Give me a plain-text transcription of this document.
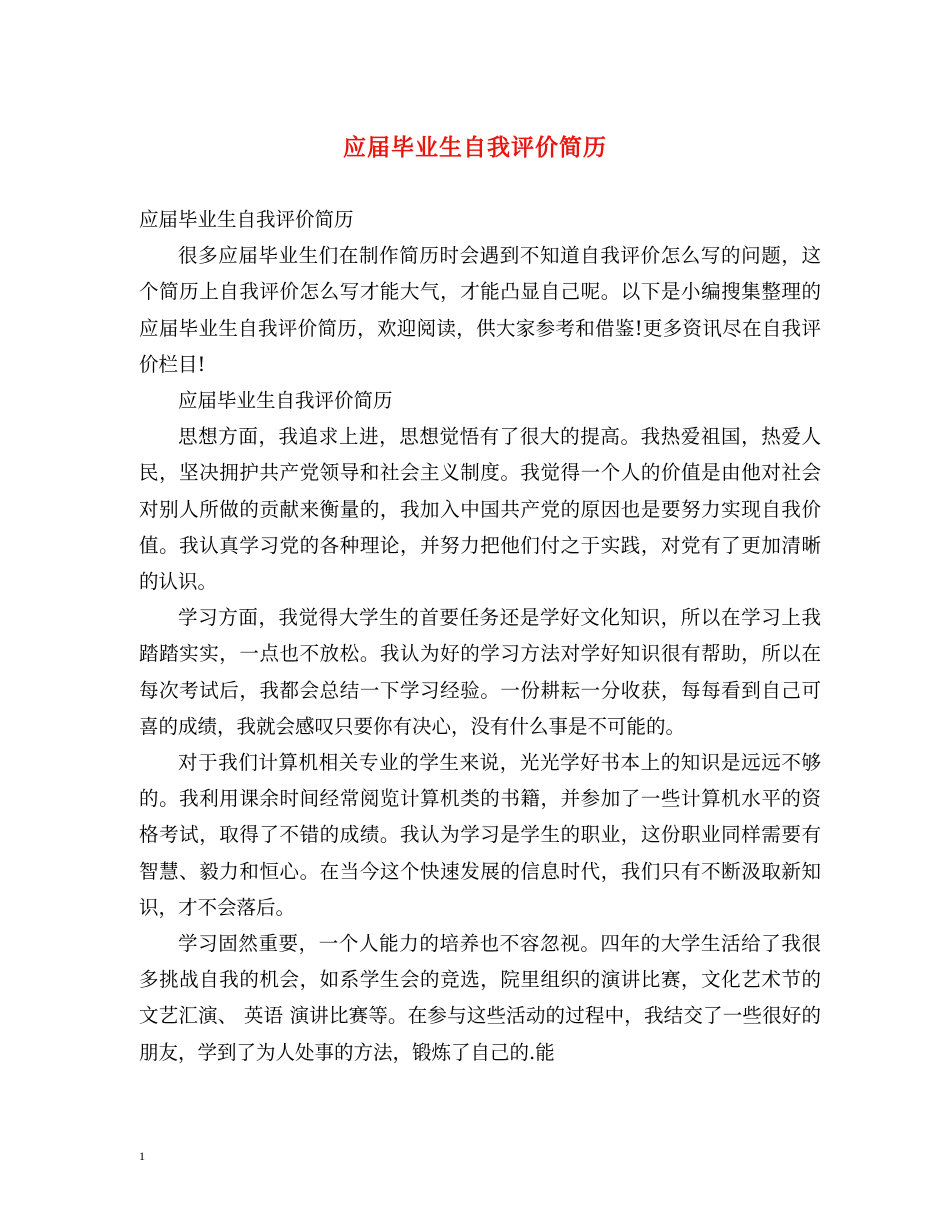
应届毕业生自我评价简历

应届毕业生自我评价简历

很多应届毕业生们在制作简历时会遇到不知道自我评价怎么写的问题，这个简历上自我评价怎么写才能大气，才能凸显自己呢。以下是小编搜集整理的应届毕业生自我评价简历，欢迎阅读，供大家参考和借鉴!更多资讯尽在自我评价栏目!

应届毕业生自我评价简历

思想方面，我追求上进，思想觉悟有了很大的提高。我热爱祖国，热爱人民，坚决拥护共产党领导和社会主义制度。我觉得一个人的价值是由他对社会对别人所做的贡献来衡量的，我加入中国共产党的原因也是要努力实现自我价值。我认真学习党的各种理论，并努力把他们付之于实践，对党有了更加清晰的认识。

学习方面，我觉得大学生的首要任务还是学好文化知识，所以在学习上我踏踏实实，一点也不放松。我认为好的学习方法对学好知识很有帮助，所以在每次考试后，我都会总结一下学习经验。一份耕耘一分收获，每每看到自己可喜的成绩，我就会感叹只要你有决心，没有什么事是不可能的。

对于我们计算机相关专业的学生来说，光光学好书本上的知识是远远不够的。我利用课余时间经常阅览计算机类的书籍，并参加了一些计算机水平的资格考试，取得了不错的成绩。我认为学习是学生的职业，这份职业同样需要有智慧、毅力和恒心。在当今这个快速发展的信息时代，我们只有不断汲取新知识，才不会落后。

学习固然重要，一个人能力的培养也不容忽视。四年的大学生活给了我很多挑战自我的机会，如系学生会的竞选，院里组织的演讲比赛，文化艺术节的文艺汇演、 英语 演讲比赛等。在参与这些活动的过程中，我结交了一些很好的朋友，学到了为人处事的方法，锻炼了自己的.能

1
